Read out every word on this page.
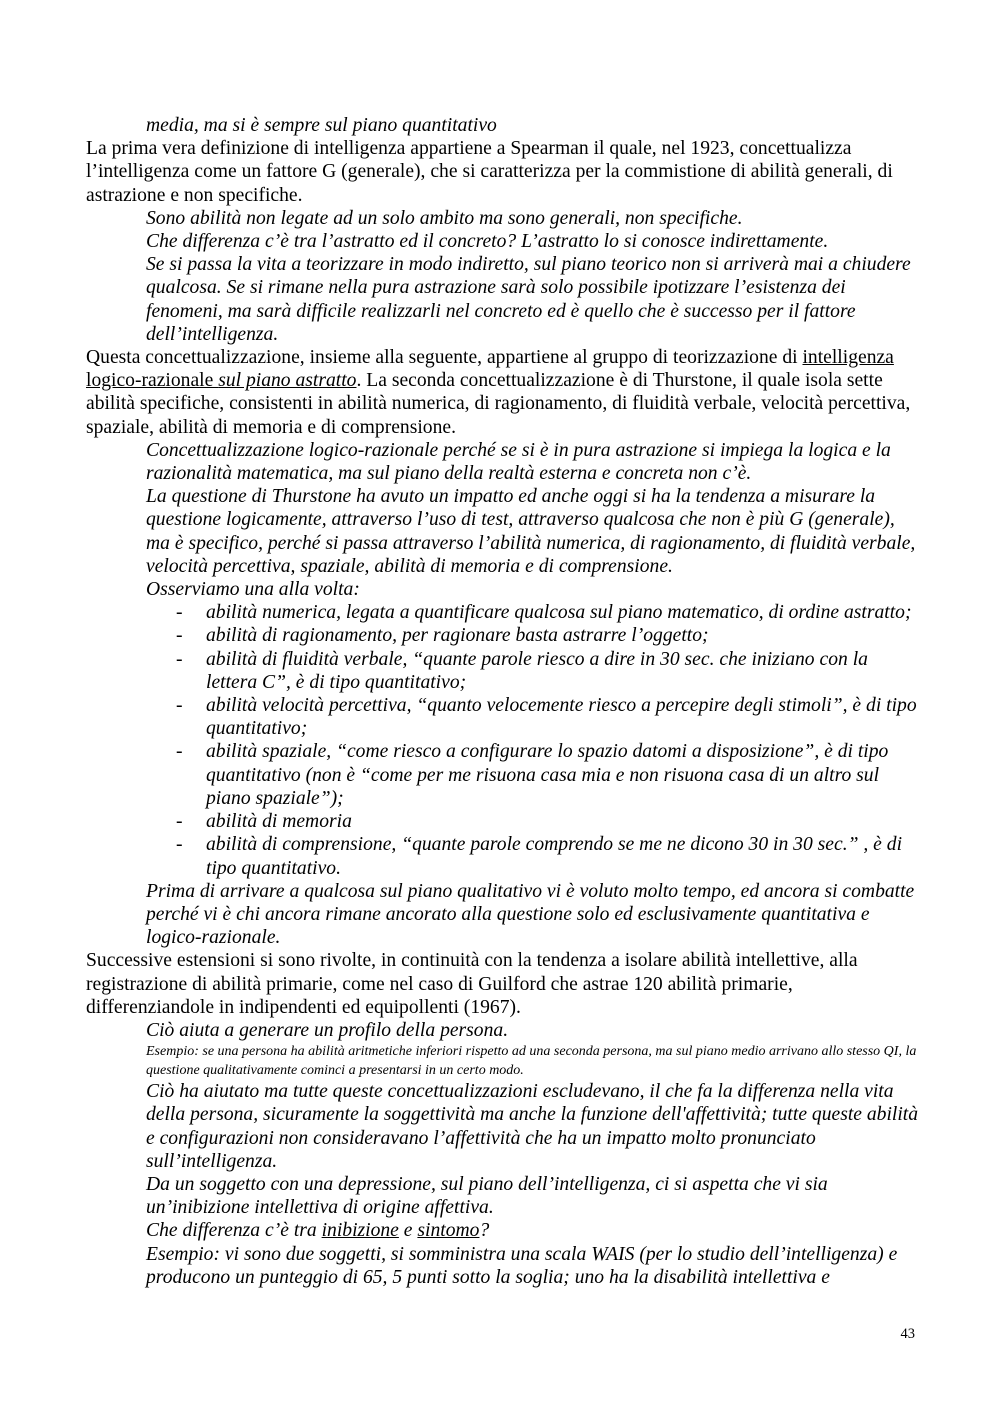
media, ma si è sempre sul piano quantitativo

La prima vera definizione di intelligenza appartiene a Spearman il quale, nel 1923, concettualizza l’intelligenza come un fattore G (generale), che si caratterizza per la commistione di abilità generali, di astrazione e non specifiche.

Sono abilità non legate ad un solo ambito ma sono generali, non specifiche.

Che differenza c’è tra l’astratto ed il concreto? L’astratto lo si conosce indirettamente.

Se si passa la vita a teorizzare in modo indiretto, sul piano teorico non si arriverà mai a chiudere qualcosa. Se si rimane nella pura astrazione sarà solo possibile ipotizzare l’esistenza dei fenomeni, ma sarà difficile realizzarli nel concreto ed è quello che è successo per il fattore dell’intelligenza.

Questa concettualizzazione, insieme alla seguente, appartiene al gruppo di teorizzazione di intelligenza logico-razionale sul piano astratto. La seconda concettualizzazione è di Thurstone, il quale isola sette abilità specifiche, consistenti in abilità numerica, di ragionamento, di fluidità verbale, velocità percettiva, spaziale, abilità di memoria e di comprensione.

Concettualizzazione logico-razionale perché se si è in pura astrazione si impiega la logica e la razionalità matematica, ma sul piano della realtà esterna e concreta non c’è.

La questione di Thurstone ha avuto un impatto ed anche oggi si ha la tendenza a misurare la questione logicamente, attraverso l’uso di test, attraverso qualcosa che non è più G (generale), ma è specifico, perché si passa attraverso l’abilità numerica, di ragionamento, di fluidità verbale, velocità percettiva, spaziale, abilità di memoria e di comprensione.

Osserviamo una alla volta:

- abilità numerica, legata a quantificare qualcosa sul piano matematico, di ordine astratto;
- abilità di ragionamento, per ragionare basta astrarre l’oggetto;
- abilità di fluidità verbale, “quante parole riesco a dire in 30 sec. che iniziano con la lettera C”, è di tipo quantitativo;
- abilità velocità percettiva, “quanto velocemente riesco a percepire degli stimoli”, è di tipo quantitativo;
- abilità spaziale, “come riesco a configurare lo spazio datomi a disposizione”, è di tipo quantitativo (non è “come per me risuona casa mia e non risuona casa di un altro sul piano spaziale”);
- abilità di memoria
- abilità di comprensione, “quante parole comprendo se me ne dicono 30 in 30 sec.” , è di tipo quantitativo.

Prima di arrivare a qualcosa sul piano qualitativo vi è voluto molto tempo, ed ancora si combatte perché vi è chi ancora rimane ancorato alla questione solo ed esclusivamente quantitativa e logico-razionale.

Successive estensioni si sono rivolte, in continuità con la tendenza a isolare abilità intellettive, alla registrazione di abilità primarie, come nel caso di Guilford che astrae 120 abilità primarie, differenziandole in indipendenti ed equipollenti (1967).

Ciò aiuta a generare un profilo della persona.

Esempio: se una persona ha abilità aritmetiche inferiori rispetto ad una seconda persona, ma sul piano medio arrivano allo stesso QI, la questione qualitativamente cominci a presentarsi in un certo modo.

Ciò ha aiutato ma tutte queste concettualizzazioni escludevano, il che fa la differenza nella vita della persona, sicuramente la soggettività ma anche la funzione dell'affettività; tutte queste abilità e configurazioni non consideravano l’affettività che ha un impatto molto pronunciato sull’intelligenza.

Da un soggetto con una depressione, sul piano dell’intelligenza, ci si aspetta che vi sia un’inibizione intellettiva di origine affettiva.

Che differenza c’è tra inibizione e sintomo?

Esempio: vi sono due soggetti, si somministra una scala WAIS (per lo studio dell’intelligenza) e producono un punteggio di 65, 5 punti sotto la soglia; uno ha la disabilità intellettiva e

43
